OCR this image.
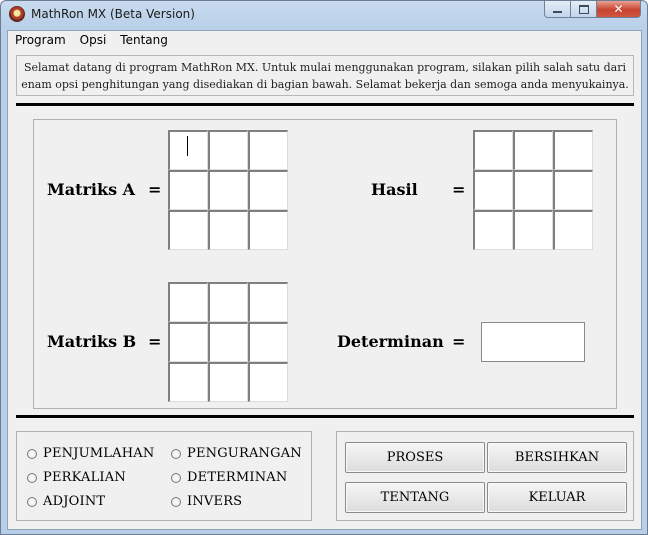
MathRon MX (Beta Version)	✕
Program	Opsi	Tentang
Selamat datang di program MathRon MX. Untuk mulai menggunakan program, silakan pilih salah satu dari
enam opsi penghitungan yang disediakan di bagian bawah. Selamat bekerja dan semoga anda menyukainya.
Matriks A =	Hasil =
Matriks B =	Determinan =
PENJUMLAHAN	PENGURANGAN
PERKALIAN	DETERMINAN
ADJOINT	INVERS
PROSES	BERSIHKAN
TENTANG	KELUAR
